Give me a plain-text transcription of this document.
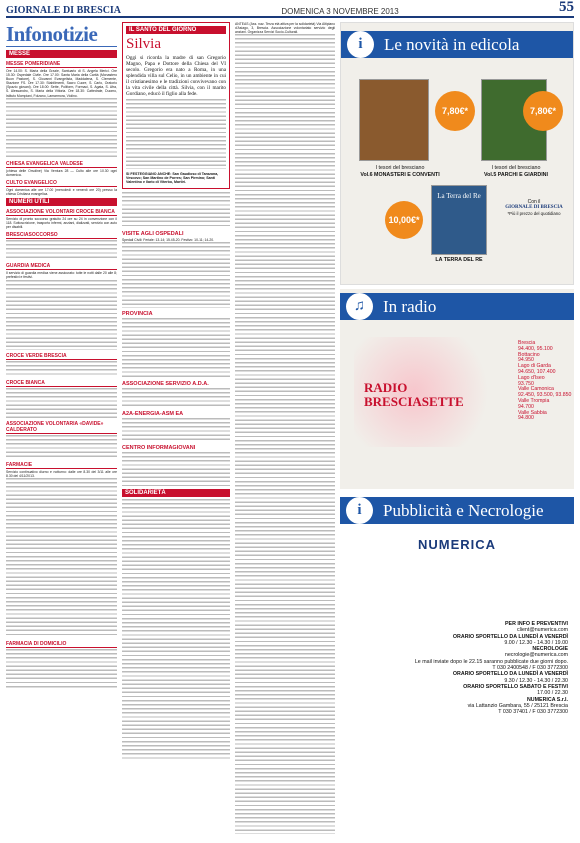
GIORNALE DI BRESCIA	DOMENICA 3 NOVEMBRE 2013	55
Infonotizie
MESSE
MESSE POMERIDIANE
Ore 14.00: S. Maria della Grazie, Santuario di S. Angela Merici. Ore 15.30: Ospedale Civile. Ore 17.00: Santa Maria della Carità (Monastero Buon Pastore), S. Giovanni Evangelista, Maddalena, S. Clemente, Stazione FS. Ore 17.30: Stabilimenti, Sacro Cuore, S. Carlo, Oratorio (Spazio giovani). Ore 18.00: Sette, Poliform, Formaci, S. Agata, S. Afra, S. Alessandro, S. Maria della Vittoria. Ore 18.30: Cattedrale, Duomo, Istituto Mompiani, Folzano, Lamarmora, Violino.
CHIESA EVANGELICA VALDESE
(chiesa delle Orsoline) Via Ventura 28 — Culto alle ore 10.30 ogni domenica.
CULTO EVANGELICO
Ogni domenica alle ore 17.00 (mercoledì e venerdì ore 20) presso la chiesa Cristiana evangelica.
NUMERI UTILI
ASSOCIAZIONE VOLONTARI CROCE BIANCA
Servizio di pronto soccorso gratuito 24 ore su 24 in convenzione con il 118. Sottoscrizione, trasporto infermi, anziani, dializzati, servizio con auto per disabili.
BRESCIASOCCORSO
GUARDIA MEDICA
Il servizio di guardia medica viene assicurato: tutte le notti dalle 20 alle 8; prefestivi e festivi.
CROCE VERDE BRESCIA
CROCE BIANCA
ASSOCIAZIONE VOLONTARIA «DAVIDE» CALDERATO
FARMACIE
Servizio continuativo diurno e notturno: dalle ore 8.30 del 3/11 alle ore 8.30 del 4/11/2013.
FARMACIA DI DOMICILIO
IL SANTO DEL GIORNO
Silvia
Oggi si ricorda la madre di san Gregorio Magno, Papa e Dottore della Chiesa del VI secolo. Gregorio era nato a Roma, in una splendida villa sul Celio, in un ambiente in cui il cristianesimo e le tradizioni convivevano con la vita civile della città. Silvia, con il marito Gordiano, educò il figlio alla fede.
SI FESTEGGIANO ANCHE: San Gaudioso di Tarazona, Vescovo; San Martino de Porres; San Pirmino; Santi Valentino e Ilario di Viterbo, Martiri.
VISITE AGLI OSPEDALI
Spedali Civili: Feriale: 13-14; 15.45-20. Festivo: 10-11; 14-20.
PROVINCIA
ASSOCIAZIONE SERVIZIO A.D.A.
A2A-ENERGIA-ASM EA
CENTRO INFORMAGIOVANI
SOLIDARIETÀ
ANTEAS (Ass. naz. Terza età attiva per la solidarietà) Via Altipiano d'Asiago, 3, Brescia. Associazione volontariato servizio degli anziani. Organizza Servizi Socio-Culturali.
i	Le novità in edicola
7,80€*	7,80€*
I tesori del bresciano
Vol.6 MONASTERI E CONVENTI
I tesori del bresciano
Vol.5 PARCHI E GIARDINI
10,00€*
La Terra del Re
LA TERRA DEL RE
Con il
GIORNALE DI BRESCIA
*Più il prezzo del quotidiano
♫	In radio
RADIO BRESCIASETTE
Brescia
94.400, 95.100
Bottacino
94.950
Lago di Garda
94.650, 107.400
Lago d'Iseo
93.750
Valle Camonica
92.450, 93.500, 93.850
Valle Trompia
94.700
Valle Sabbia
94.800
i	Pubblicità e Necrologie
NUMERICA
PER INFO E PREVENTIVI
client@numerica.com
ORARIO SPORTELLO DA LUNEDÌ A VENERDÌ
9.00 / 12.30 - 14.30 / 19.00
NECROLOGIE
necrologie@numerica.com
Le mail inviate dopo le 22.15 saranno pubblicate due giorni dopo.
T 030 2400548 / F 030 3772300
ORARIO SPORTELLO DA LUNEDÌ A VENERDÌ
9.30 / 12.30 - 14.30 / 22.30
ORARIO SPORTELLO SABATO E FESTIVI
17.00 / 22.30
NUMERICA S.r.l.
via Lattanzio Gambara, 55 / 25121 Brescia
T 030 37401 / F 030 3772300
